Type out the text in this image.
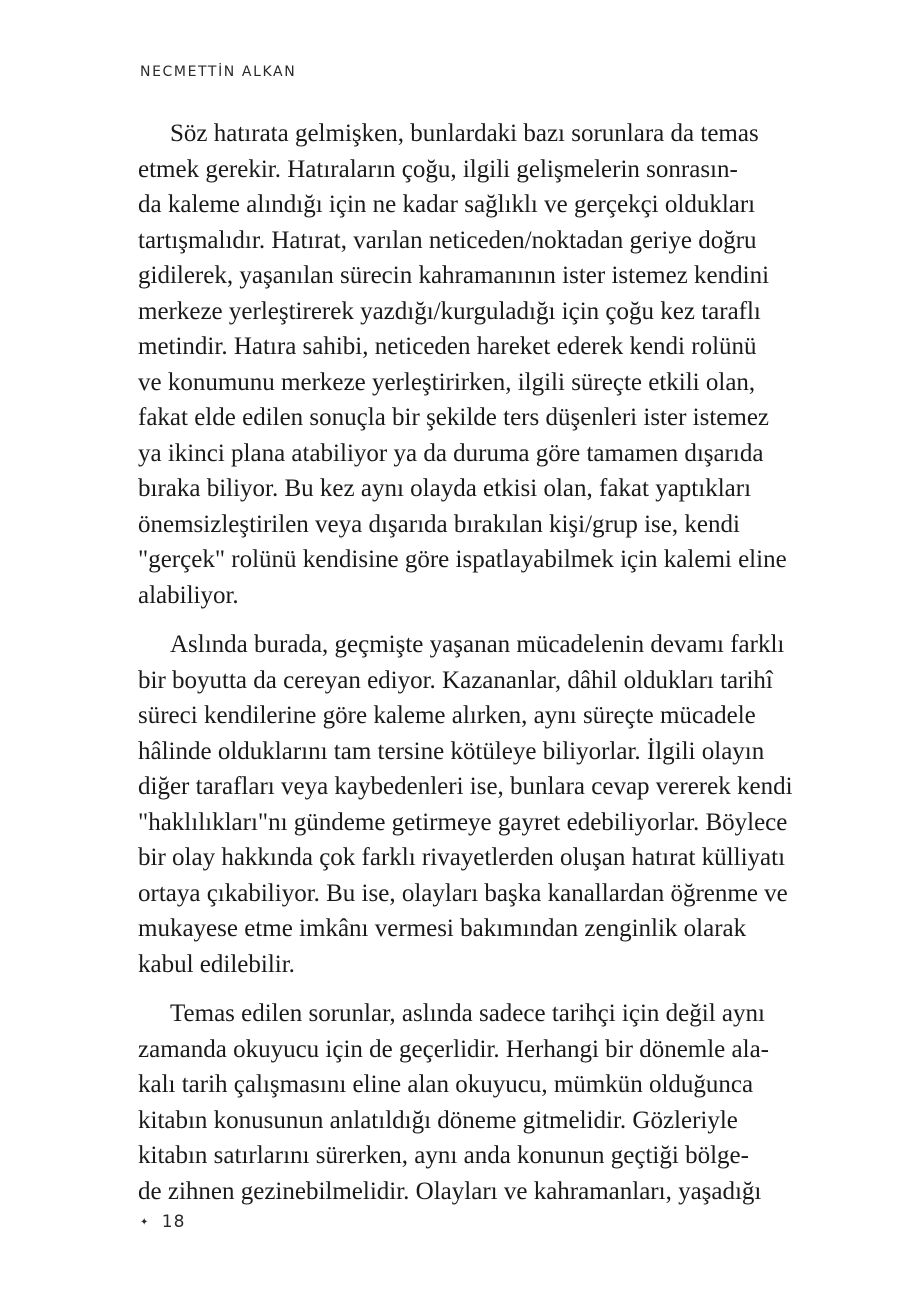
NECMETTİN ALKAN
Söz hatırata gelmişken, bunlardaki bazı sorunlara da temas
etmek gerekir. Hatıraların çoğu, ilgili gelişmelerin sonrasın-
da kaleme alındığı için ne kadar sağlıklı ve gerçekçi oldukları
tartışmalıdır. Hatırat, varılan neticeden/noktadan geriye doğru
gidilerek, yaşanılan sürecin kahramanının ister istemez kendini
merkeze yerleştirerek yazdığı/kurguladığı için çoğu kez taraflı
metindir. Hatıra sahibi, neticeden hareket ederek kendi rolünü
ve konumunu merkeze yerleştirirken, ilgili süreçte etkili olan,
fakat elde edilen sonuçla bir şekilde ters düşenleri ister istemez
ya ikinci plana atabiliyor ya da duruma göre tamamen dışarıda
bıraka biliyor. Bu kez aynı olayda etkisi olan, fakat yaptıkları
önemsizleştirilen veya dışarıda bırakılan kişi/grup ise, kendi
"gerçek" rolünü kendisine göre ispatlayabilmek için kalemi eline
alabiliyor.
Aslında burada, geçmişte yaşanan mücadelenin devamı farklı
bir boyutta da cereyan ediyor. Kazananlar, dâhil oldukları tarihî
süreci kendilerine göre kaleme alırken, aynı süreçte mücadele
hâlinde olduklarını tam tersine kötüleye biliyorlar. İlgili olayın
diğer tarafları veya kaybedenleri ise, bunlara cevap vererek kendi
"haklılıkları"nı gündeme getirmeye gayret edebiliyorlar. Böylece
bir olay hakkında çok farklı rivayetlerden oluşan hatırat külliyatı
ortaya çıkabiliyor. Bu ise, olayları başka kanallardan öğrenme ve
mukayese etme imkânı vermesi bakımından zenginlik olarak
kabul edilebilir.
Temas edilen sorunlar, aslında sadece tarihçi için değil aynı
zamanda okuyucu için de geçerlidir. Herhangi bir dönemle ala-
kalı tarih çalışmasını eline alan okuyucu, mümkün olduğunca
kitabın konusunun anlatıldığı döneme gitmelidir. Gözleriyle
kitabın satırlarını sürerken, aynı anda konunun geçtiği bölge-
de zihnen gezinebilmelidir. Olayları ve kahramanları, yaşadığı
✦ 18
